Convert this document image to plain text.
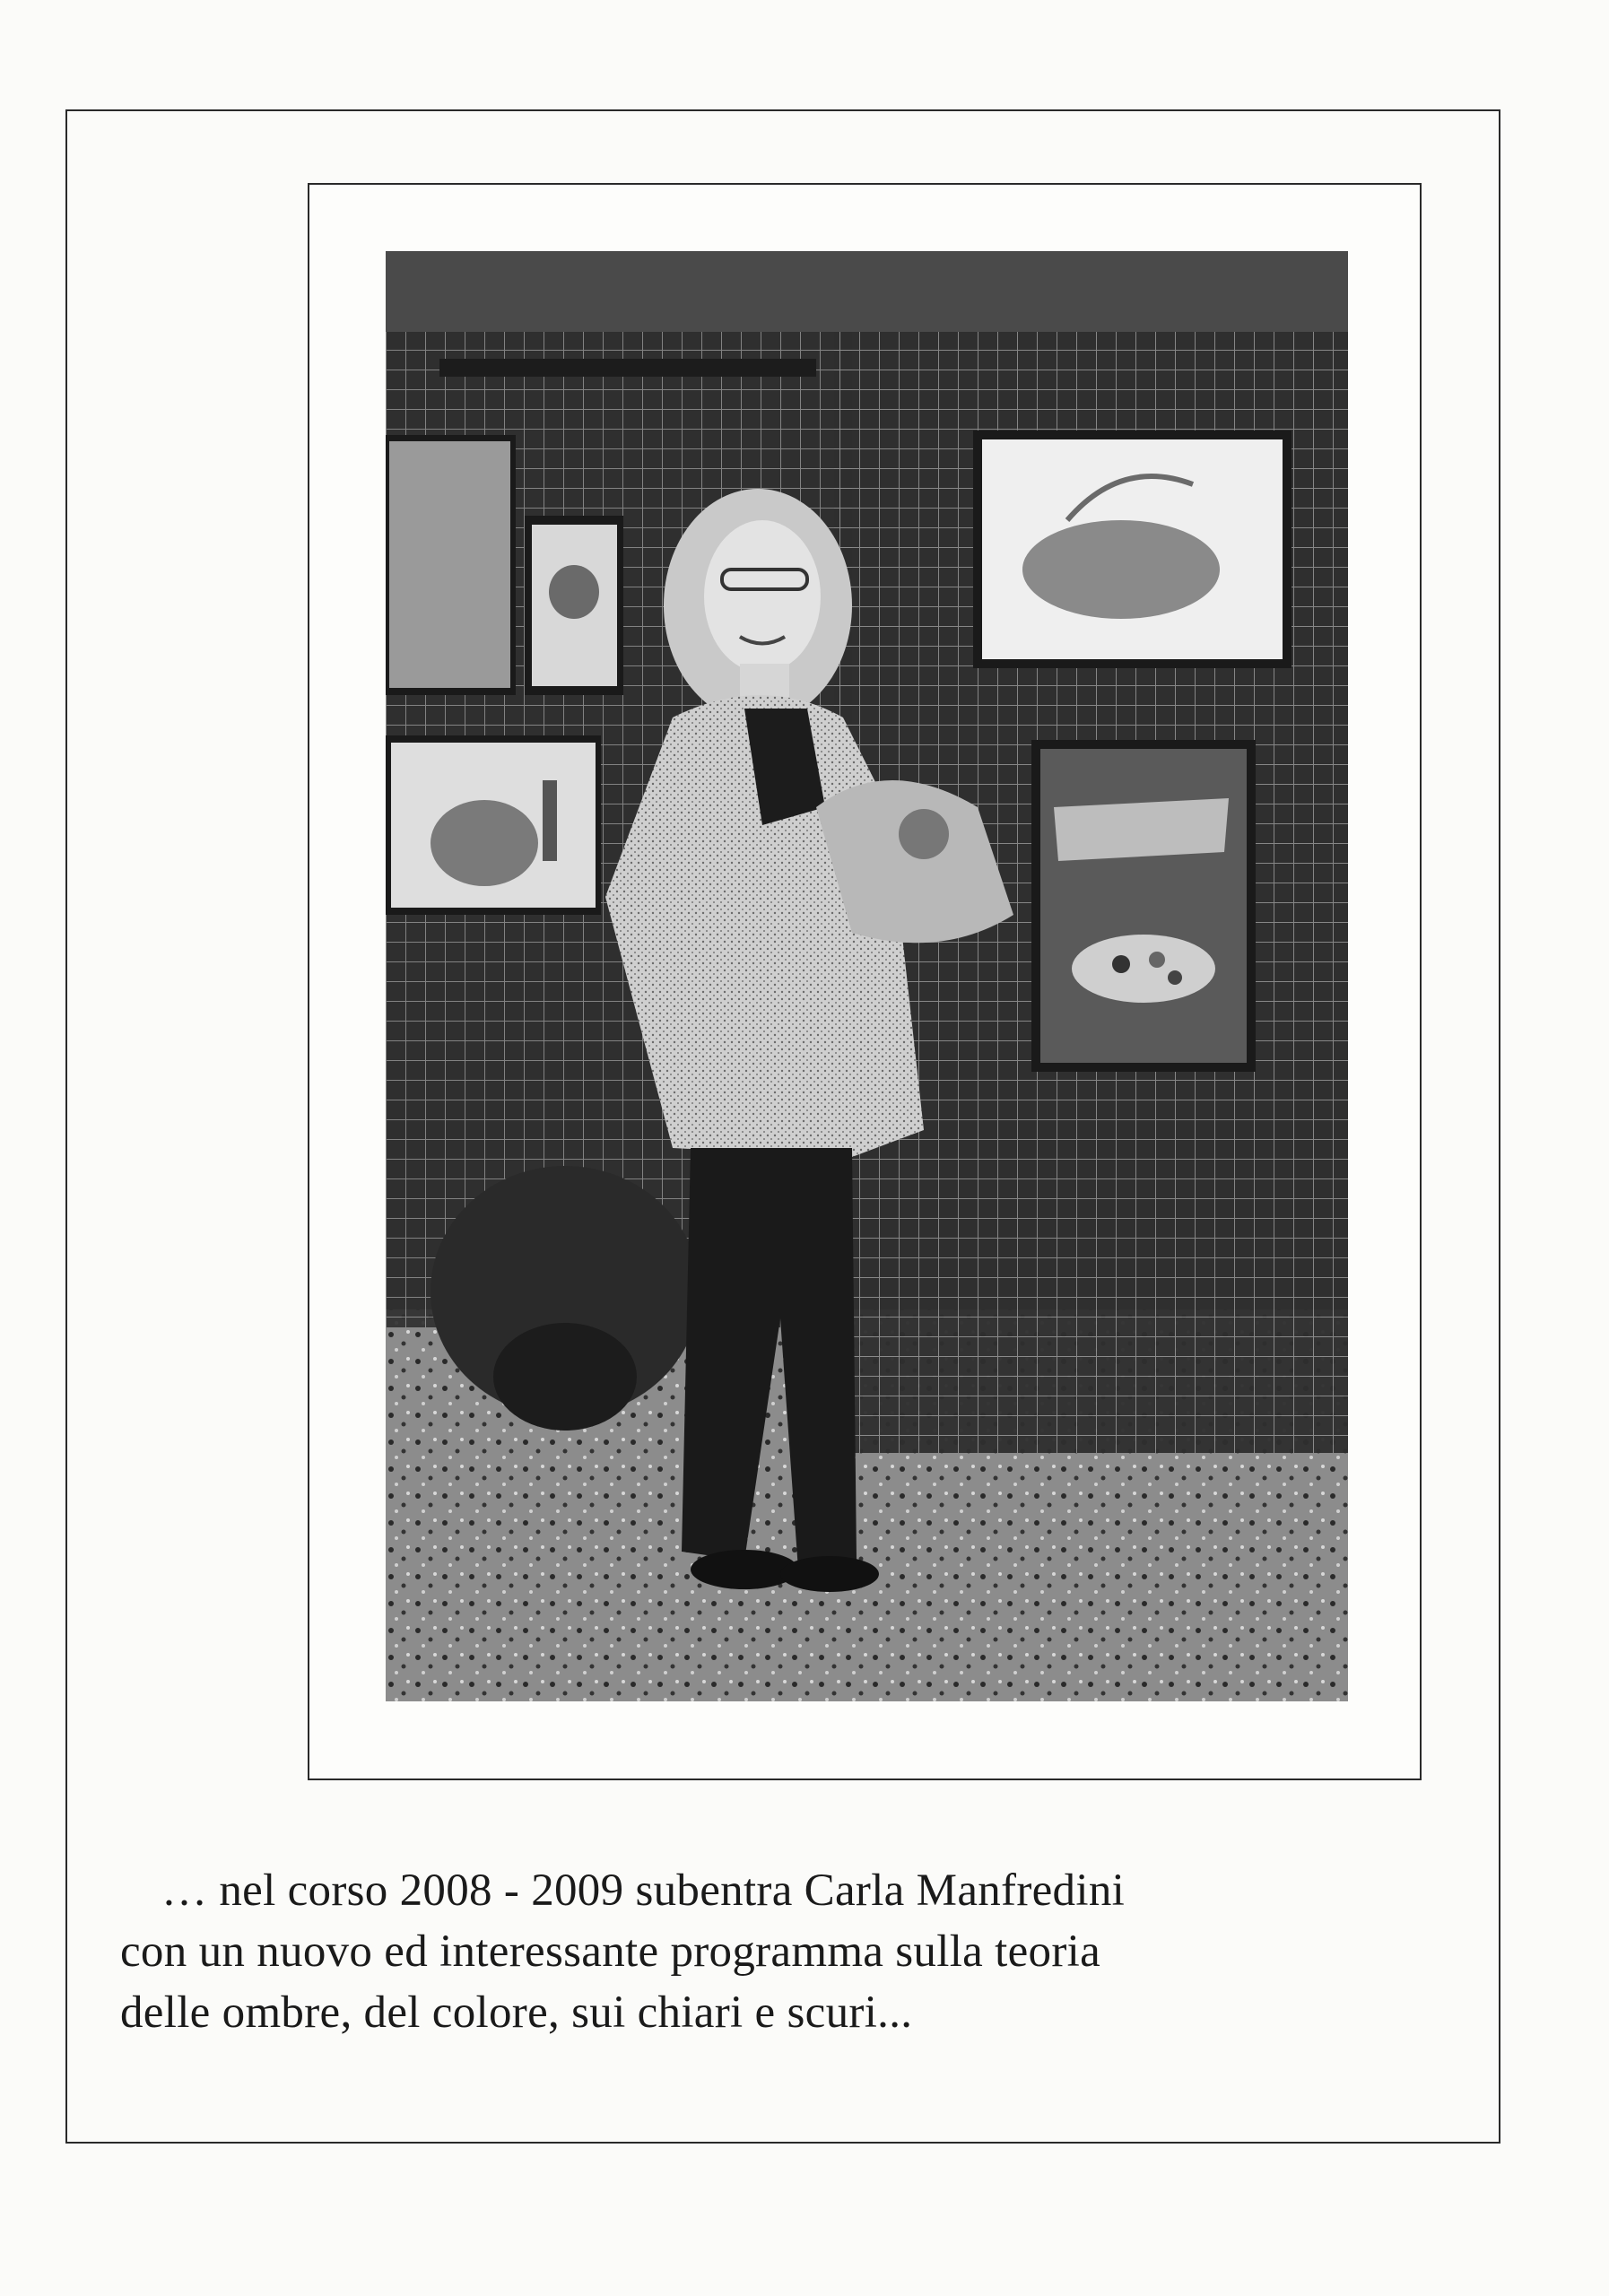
… nel corso 2008 - 2009 subentra Carla Manfredini
con un nuovo ed interessante programma sulla teoria
delle ombre, del colore, sui chiari e scuri...
